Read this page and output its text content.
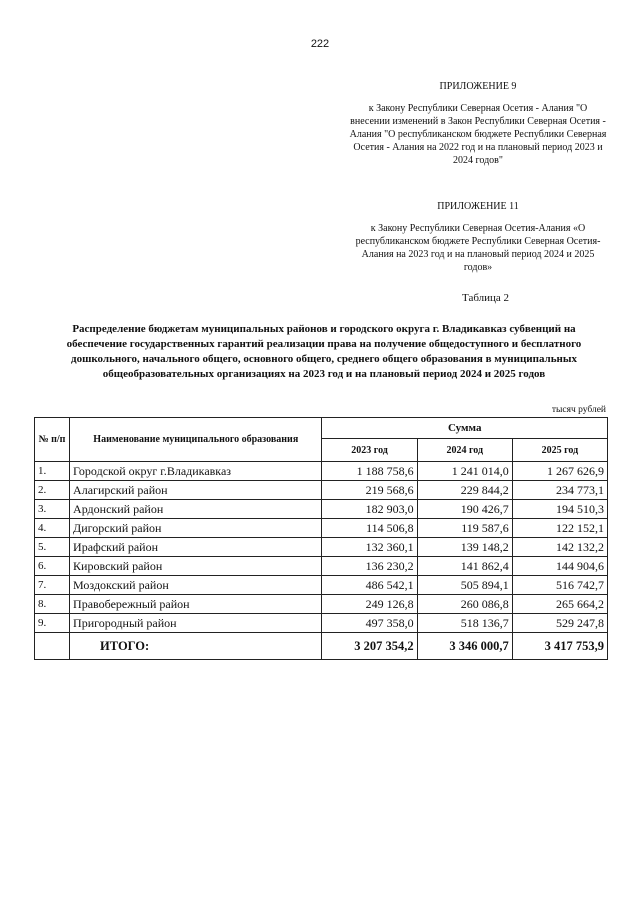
222
ПРИЛОЖЕНИЕ 9
к Закону Республики Северная Осетия - Алания "О внесении изменений в Закон Республики Северная Осетия - Алания "О республиканском бюджете Республики Северная Осетия - Алания на 2022 год и на плановый период 2023 и 2024 годов"
ПРИЛОЖЕНИЕ 11
к Закону Республики Северная Осетия-Алания «О республиканском бюджете Республики Северная Осетия-Алания на 2023 год и на плановый период 2024 и 2025 годов»
Таблица 2
Распределение бюджетам муниципальных районов и городского округа г. Владикавказ субвенций на обеспечение государственных гарантий реализации права на получение общедоступного и бесплатного дошкольного, начального общего, основного общего, среднего общего образования в муниципальных общеобразовательных организациях на 2023 год и на плановый период 2024 и 2025 годов
тысяч рублей
№ п/п	Наименование муниципального образования	Сумма		
		2023 год	2024 год	2025 год
1.	Городской округ г.Владикавказ	1 188 758,6	1 241 014,0	1 267 626,9
2.	Алагирский район	219 568,6	229 844,2	234 773,1
3.	Ардонский район	182 903,0	190 426,7	194 510,3
4.	Дигорский район	114 506,8	119 587,6	122 152,1
5.	Ирафский район	132 360,1	139 148,2	142 132,2
6.	Кировский район	136 230,2	141 862,4	144 904,6
7.	Моздокский район	486 542,1	505 894,1	516 742,7
8.	Правобережный район	249 126,8	260 086,8	265 664,2
9.	Пригородный район	497 358,0	518 136,7	529 247,8
	ИТОГО:	3 207 354,2	3 346 000,7	3 417 753,9
